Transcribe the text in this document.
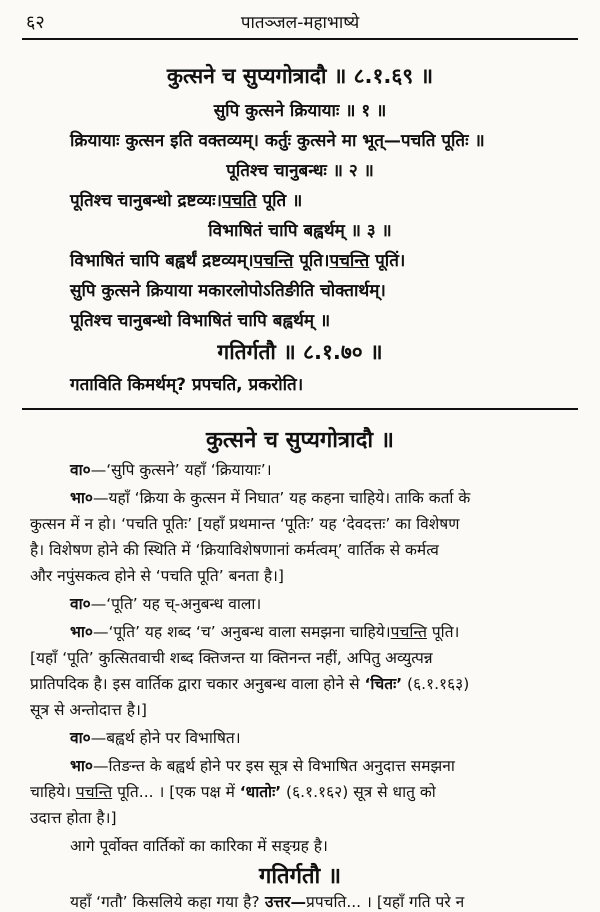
६२	पातञ्जल-महाभाष्ये
कुत्सने च सुप्यगोत्रादौ ॥ ८.१.६९ ॥
सुपि कुत्सने क्रियायाः ॥ १ ॥
क्रियायाः कुत्सन इति वक्तव्यम्। कर्तुः कुत्सने मा भूत्—पचति पूतिः ॥
पूतिश्च चानुबन्धः ॥ २ ॥
पूतिश्च चानुबन्धो द्रष्टव्यः।पचति पूति ॥
विभाषितं चापि बह्वर्थम् ॥ ३ ॥
विभाषितं चापि बह्वर्थं द्रष्टव्यम्।पचन्ति पूति।पचन्ति पूतिं।
सुपि कुत्सने क्रियाया मकारलोपोऽतिङीति चोक्तार्थम्।
पूतिश्च चानुबन्धो विभाषितं चापि बह्वर्थम् ॥
गतिर्गतौ ॥ ८.१.७० ॥
गताविति किमर्थम्? प्रपचति, प्रकरोति।
कुत्सने च सुप्यगोत्रादौ ॥
वा०—‘सुपि कुत्सने’ यहाँ ‘क्रियायाः’।
भा०—यहाँ ‘क्रिया के कुत्सन में निघात’ यह कहना चाहिये। ताकि कर्ता के
कुत्सन में न हो। ‘पचति पूतिः’ [यहाँ प्रथमान्त ‘पूतिः’ यह ‘देवदत्तः’ का विशेषण
है। विशेषण होने की स्थिति में ‘क्रियाविशेषणानां कर्मत्वम्’ वार्तिक से कर्मत्व
और नपुंसकत्व होने से ‘पचति पूति’ बनता है।]
वा०—‘पूति’ यह च्-अनुबन्ध वाला।
भा०—‘पूति’ यह शब्द ‘च’ अनुबन्ध वाला समझना चाहिये।पचन्ति पूति।
[यहाँ ‘पूति’ कुत्सितवाची शब्द क्तिजन्त या क्तिनन्त नहीं, अपितु अव्युत्पन्न
प्रातिपदिक है। इस वार्तिक द्वारा चकार अनुबन्ध वाला होने से ‘चितः’ (६.१.१६३)
सूत्र से अन्तोदात्त है।]
वा०—बह्वर्थ होने पर विभाषित।
भा०—तिङन्त के बह्वर्थ होने पर इस सूत्र से विभाषित अनुदात्त समझना
चाहिये। पचन्ति पूति... । [एक पक्ष में ‘धातोः’ (६.१.१६२) सूत्र से धातु को
उदात्त होता है।]
आगे पूर्वोक्त वार्तिकों का कारिका में सङ्ग्रह है।
गतिर्गतौ ॥
यहाँ ‘गतौ’ किसलिये कहा गया है? उत्तर—प्रपचति... । [यहाँ गति परे न
